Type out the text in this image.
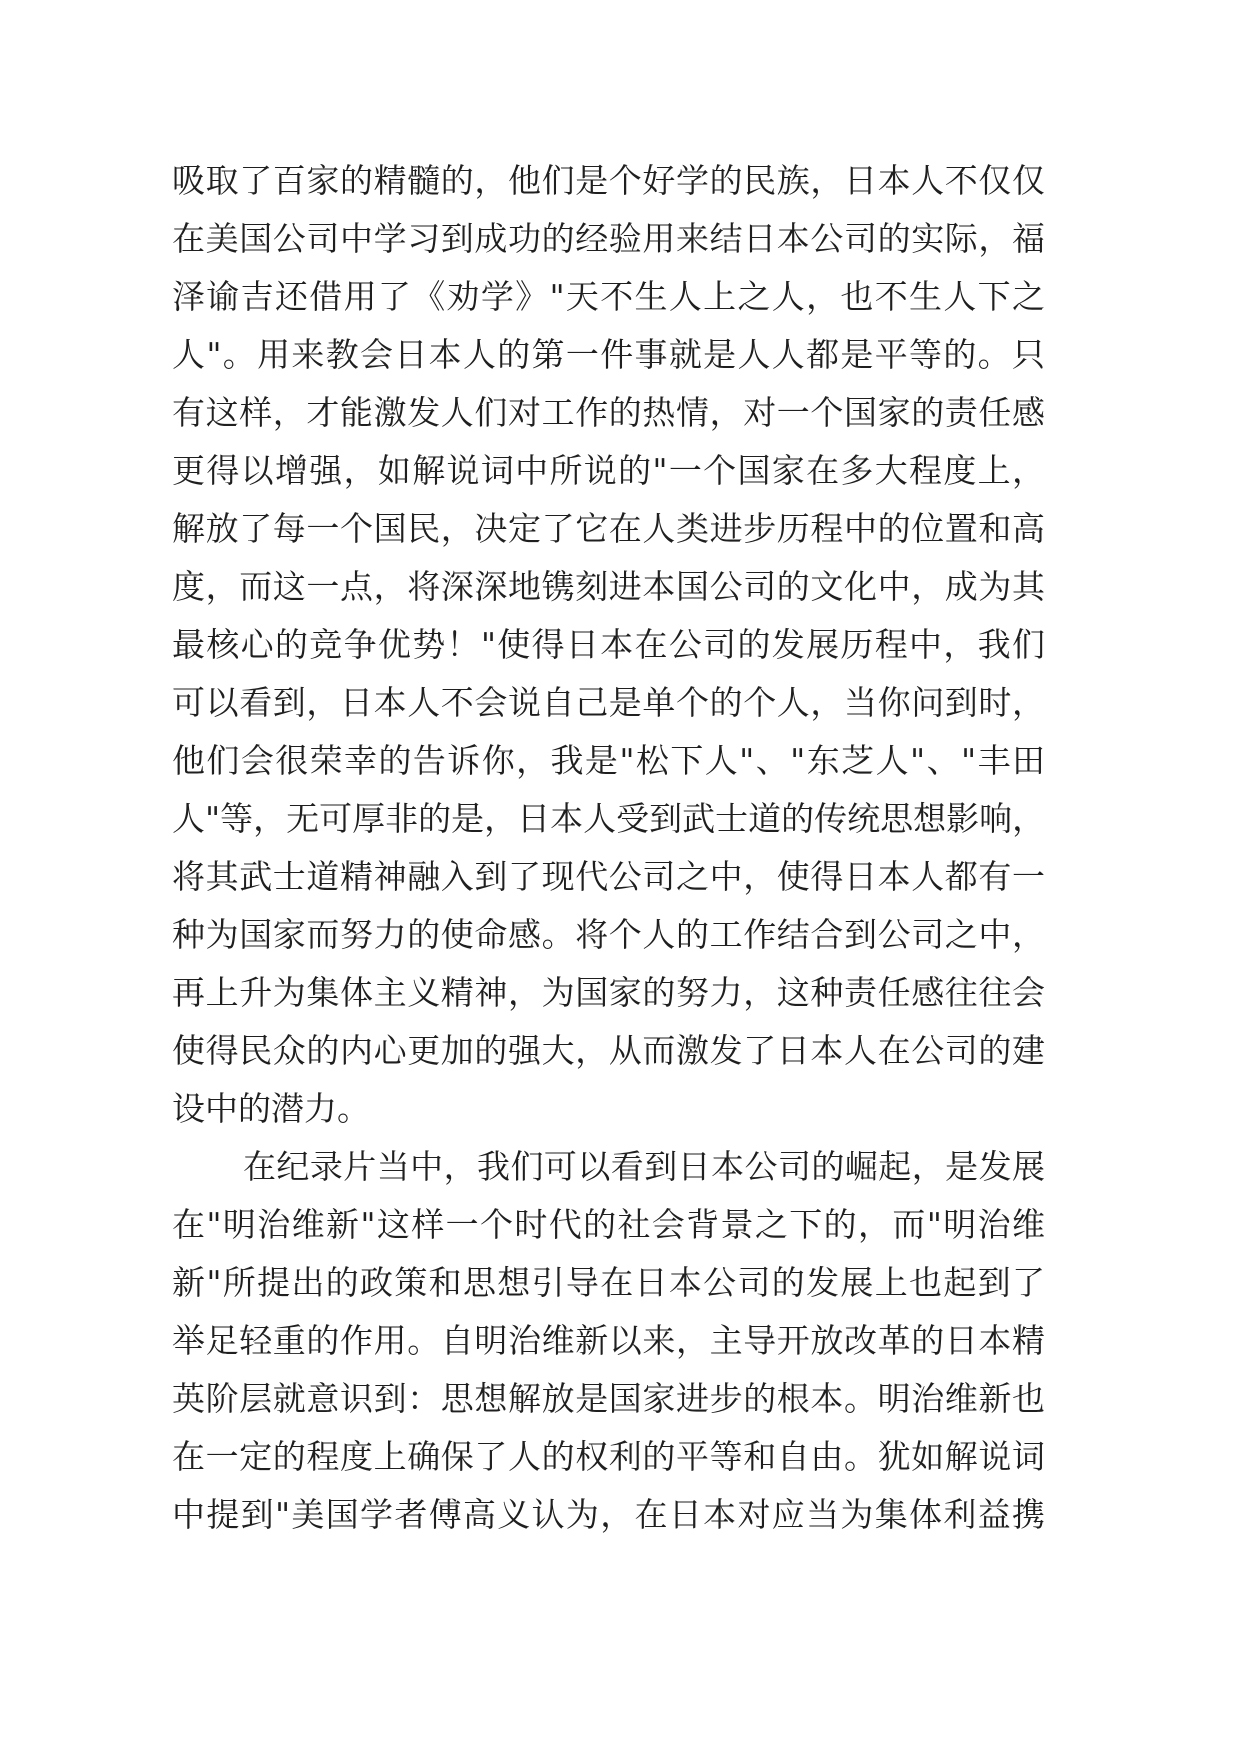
吸取了百家的精髓的，他们是个好学的民族，日本人不仅仅
在美国公司中学习到成功的经验用来结日本公司的实际，福
泽谕吉还借用了《劝学》"天不生人上之人，也不生人下之
人"。用来教会日本人的第一件事就是人人都是平等的。只
有这样，才能激发人们对工作的热情，对一个国家的责任感
更得以增强，如解说词中所说的"一个国家在多大程度上，
解放了每一个国民，决定了它在人类进步历程中的位置和高
度，而这一点，将深深地镌刻进本国公司的文化中，成为其
最核心的竞争优势！"使得日本在公司的发展历程中，我们
可以看到，日本人不会说自己是单个的个人，当你问到时，
他们会很荣幸的告诉你，我是"松下人"、"东芝人"、"丰田
人"等，无可厚非的是，日本人受到武士道的传统思想影响，
将其武士道精神融入到了现代公司之中，使得日本人都有一
种为国家而努力的使命感。将个人的工作结合到公司之中，
再上升为集体主义精神，为国家的努力，这种责任感往往会
使得民众的内心更加的强大，从而激发了日本人在公司的建
设中的潜力。
在纪录片当中，我们可以看到日本公司的崛起，是发展
在"明治维新"这样一个时代的社会背景之下的，而"明治维
新"所提出的政策和思想引导在日本公司的发展上也起到了
举足轻重的作用。自明治维新以来，主导开放改革的日本精
英阶层就意识到：思想解放是国家进步的根本。明治维新也
在一定的程度上确保了人的权利的平等和自由。犹如解说词
中提到"美国学者傅高义认为，在日本对应当为集体利益携
